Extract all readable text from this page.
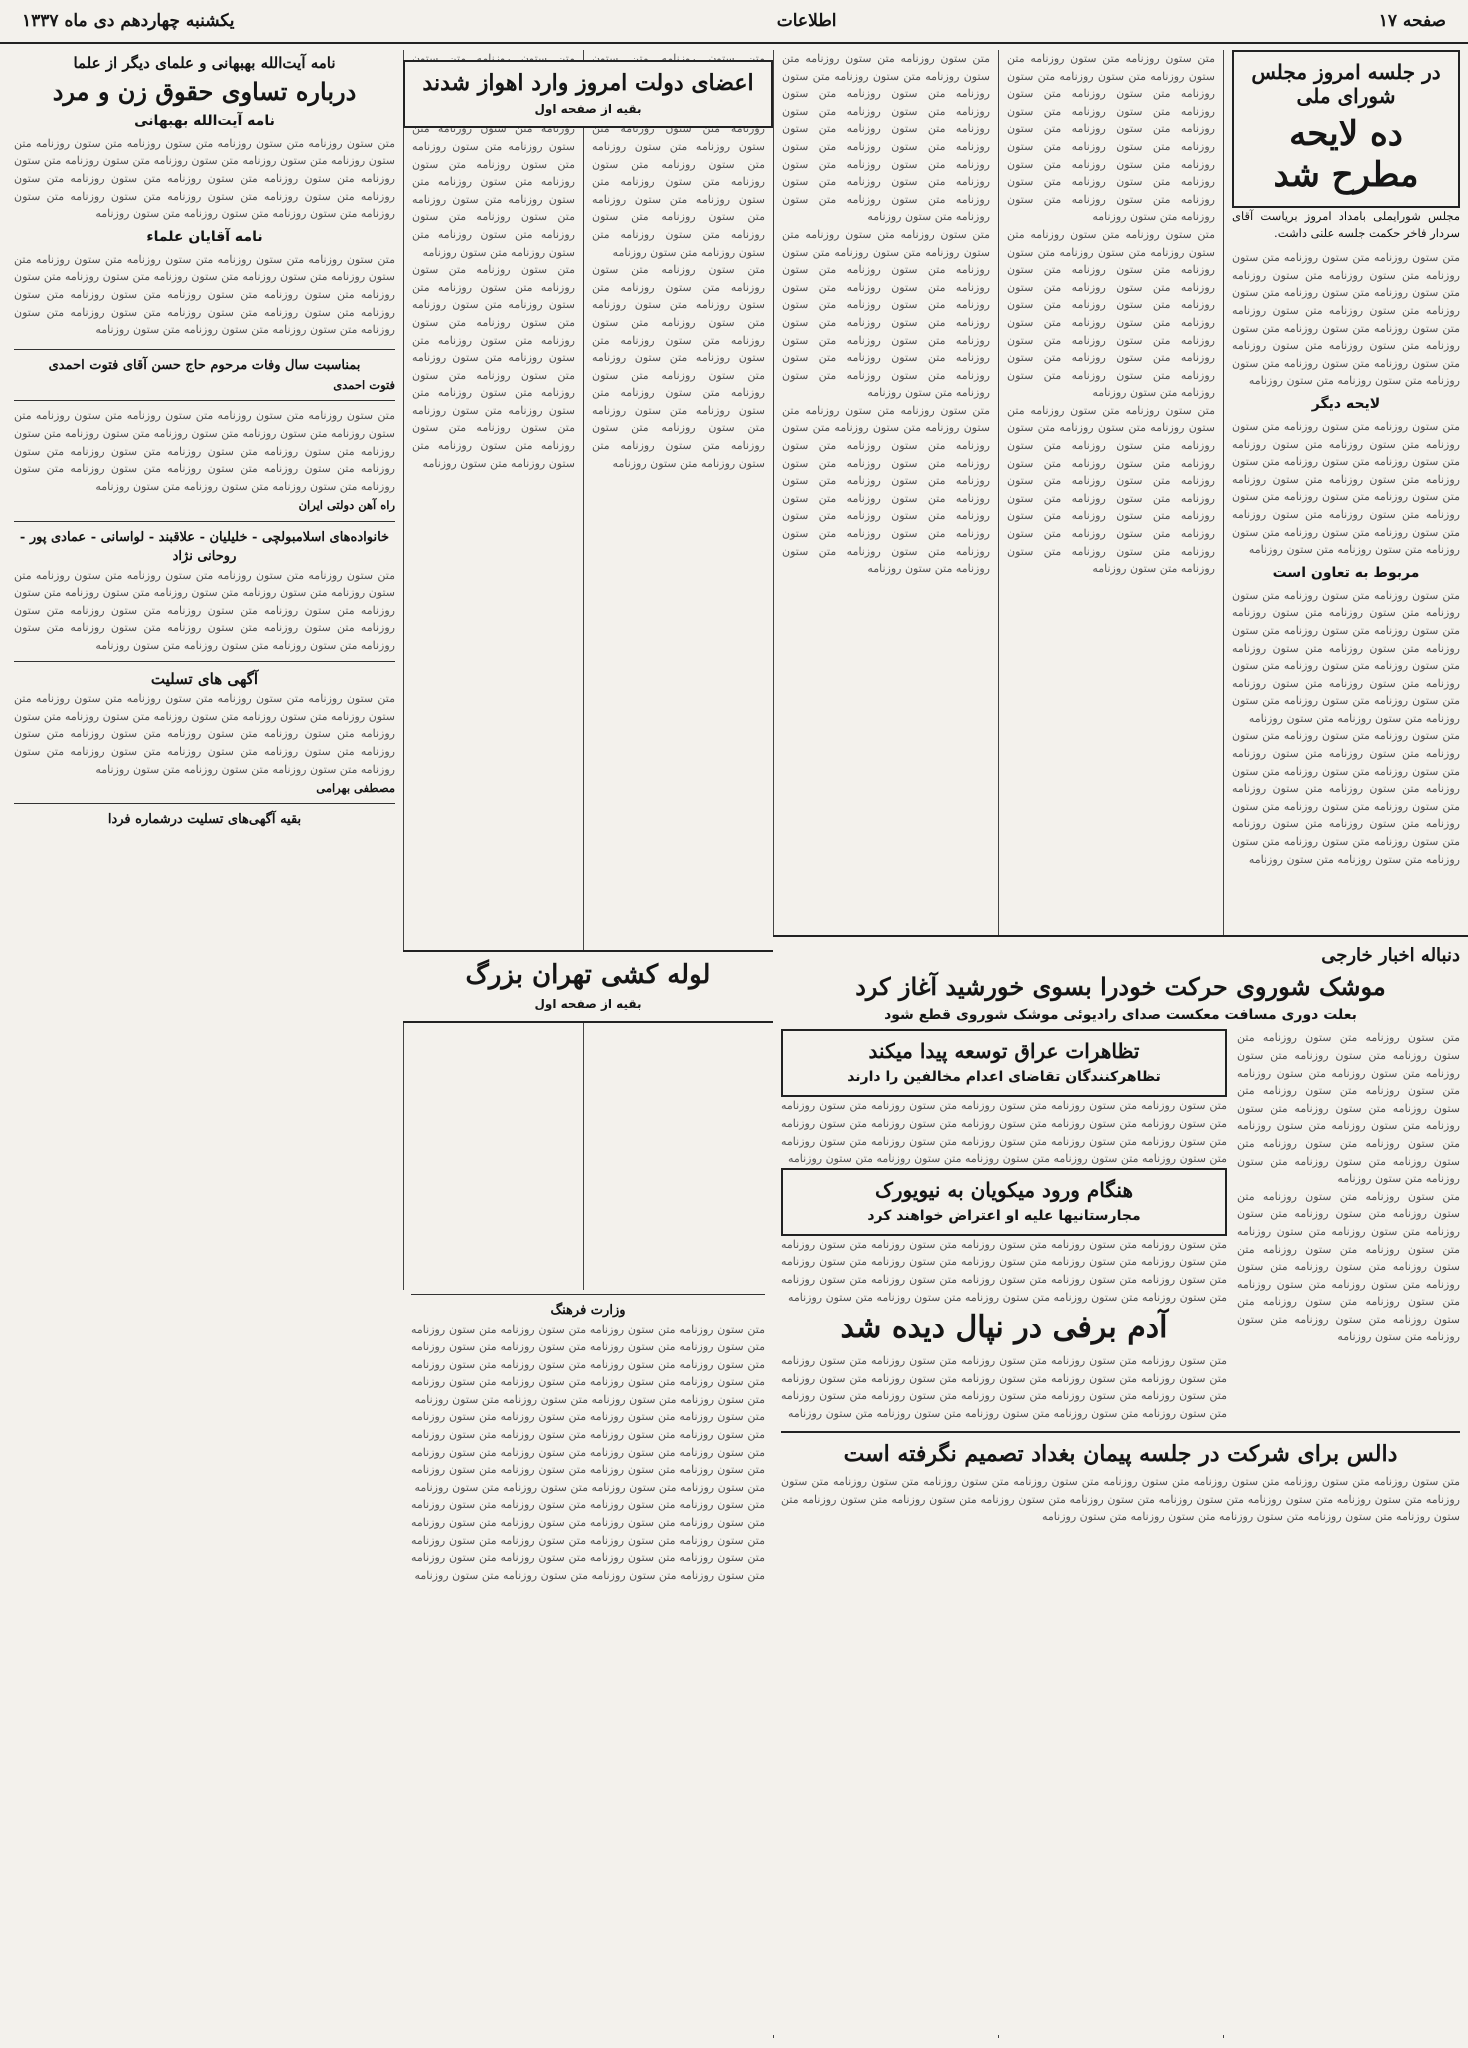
صفحه ۱۷
اطلاعات
یکشنبه چهاردهم دی ماه ۱۳۳۷
در جلسه امروز مجلس شورای ملی
ده لایحه مطرح شد

مجلس شورایملی بامداد امروز بریاست آقای سردار فاخر حکمت جلسه علنی داشت.

متن ستون روزنامه متن ستون روزنامه متن ستون روزنامه متن ستون روزنامه متن ستون روزنامه متن ستون روزنامه متن ستون روزنامه متن ستون روزنامه متن ستون روزنامه متن ستون روزنامه متن ستون روزنامه متن ستون روزنامه متن ستون روزنامه متن ستون روزنامه متن ستون روزنامه متن ستون روزنامه متن ستون روزنامه متن ستون روزنامه متن ستون روزنامه متن ستون روزنامه
لایحه دیگر
متن ستون روزنامه متن ستون روزنامه متن ستون روزنامه متن ستون روزنامه متن ستون روزنامه متن ستون روزنامه متن ستون روزنامه متن ستون روزنامه متن ستون روزنامه متن ستون روزنامه متن ستون روزنامه متن ستون روزنامه متن ستون روزنامه متن ستون روزنامه متن ستون روزنامه متن ستون روزنامه متن ستون روزنامه متن ستون روزنامه متن ستون روزنامه متن ستون روزنامه
مربوط به تعاون است
متن ستون روزنامه متن ستون روزنامه متن ستون روزنامه متن ستون روزنامه متن ستون روزنامه متن ستون روزنامه متن ستون روزنامه متن ستون روزنامه متن ستون روزنامه متن ستون روزنامه متن ستون روزنامه متن ستون روزنامه متن ستون روزنامه متن ستون روزنامه متن ستون روزنامه متن ستون روزنامه متن ستون روزنامه متن ستون روزنامه متن ستون روزنامه متن ستون روزنامه
متن ستون روزنامه متن ستون روزنامه متن ستون روزنامه متن ستون روزنامه متن ستون روزنامه متن ستون روزنامه متن ستون روزنامه متن ستون روزنامه متن ستون روزنامه متن ستون روزنامه متن ستون روزنامه متن ستون روزنامه متن ستون روزنامه متن ستون روزنامه متن ستون روزنامه متن ستون روزنامه متن ستون روزنامه متن ستون روزنامه متن ستون روزنامه متن ستون روزنامه
متن ستون روزنامه متن ستون روزنامه متن ستون روزنامه متن ستون روزنامه متن ستون روزنامه متن ستون روزنامه متن ستون روزنامه متن ستون روزنامه متن ستون روزنامه متن ستون روزنامه متن ستون روزنامه متن ستون روزنامه متن ستون روزنامه متن ستون روزنامه متن ستون روزنامه متن ستون روزنامه متن ستون روزنامه متن ستون روزنامه متن ستون روزنامه متن ستون روزنامه
متن ستون روزنامه متن ستون روزنامه متن ستون روزنامه متن ستون روزنامه متن ستون روزنامه متن ستون روزنامه متن ستون روزنامه متن ستون روزنامه متن ستون روزنامه متن ستون روزنامه متن ستون روزنامه متن ستون روزنامه متن ستون روزنامه متن ستون روزنامه متن ستون روزنامه متن ستون روزنامه متن ستون روزنامه متن ستون روزنامه متن ستون روزنامه متن ستون روزنامه
متن ستون روزنامه متن ستون روزنامه متن ستون روزنامه متن ستون روزنامه متن ستون روزنامه متن ستون روزنامه متن ستون روزنامه متن ستون روزنامه متن ستون روزنامه متن ستون روزنامه متن ستون روزنامه متن ستون روزنامه متن ستون روزنامه متن ستون روزنامه متن ستون روزنامه متن ستون روزنامه متن ستون روزنامه متن ستون روزنامه متن ستون روزنامه متن ستون روزنامه
متن ستون روزنامه متن ستون روزنامه متن ستون روزنامه متن ستون روزنامه متن ستون روزنامه متن ستون روزنامه متن ستون روزنامه متن ستون روزنامه متن ستون روزنامه متن ستون روزنامه متن ستون روزنامه متن ستون روزنامه متن ستون روزنامه متن ستون روزنامه متن ستون روزنامه متن ستون روزنامه متن ستون روزنامه متن ستون روزنامه متن ستون روزنامه متن ستون روزنامه
متن ستون روزنامه متن ستون روزنامه متن ستون روزنامه متن ستون روزنامه متن ستون روزنامه متن ستون روزنامه متن ستون روزنامه متن ستون روزنامه متن ستون روزنامه متن ستون روزنامه متن ستون روزنامه متن ستون روزنامه متن ستون روزنامه متن ستون روزنامه متن ستون روزنامه متن ستون روزنامه متن ستون روزنامه متن ستون روزنامه متن ستون روزنامه متن ستون روزنامه
متن ستون روزنامه متن ستون روزنامه متن ستون روزنامه متن ستون روزنامه متن ستون روزنامه متن ستون روزنامه متن ستون روزنامه متن ستون روزنامه متن ستون روزنامه متن ستون روزنامه متن ستون روزنامه متن ستون روزنامه متن ستون روزنامه متن ستون روزنامه متن ستون روزنامه متن ستون روزنامه متن ستون روزنامه متن ستون روزنامه متن ستون روزنامه متن ستون روزنامه
دنباله اخبار خارجی
موشک شوروی حرکت خودرا بسوی خورشید آغاز کرد
بعلت دوری مسافت معکست صدای رادیوئی موشک شوروی قطع شود
متن ستون روزنامه متن ستون روزنامه متن ستون روزنامه متن ستون روزنامه متن ستون روزنامه متن ستون روزنامه متن ستون روزنامه متن ستون روزنامه متن ستون روزنامه متن ستون روزنامه متن ستون روزنامه متن ستون روزنامه متن ستون روزنامه متن ستون روزنامه متن ستون روزنامه متن ستون روزنامه متن ستون روزنامه متن ستون روزنامه متن ستون روزنامه متن ستون روزنامه
متن ستون روزنامه متن ستون روزنامه متن ستون روزنامه متن ستون روزنامه متن ستون روزنامه متن ستون روزنامه متن ستون روزنامه متن ستون روزنامه متن ستون روزنامه متن ستون روزنامه متن ستون روزنامه متن ستون روزنامه متن ستون روزنامه متن ستون روزنامه متن ستون روزنامه متن ستون روزنامه متن ستون روزنامه متن ستون روزنامه متن ستون روزنامه متن ستون روزنامه
تظاهرات عراق توسعه پیدا میکند
تظاهرکنندگان تقاضای اعدام مخالفین را دارند
متن ستون روزنامه متن ستون روزنامه متن ستون روزنامه متن ستون روزنامه متن ستون روزنامه متن ستون روزنامه متن ستون روزنامه متن ستون روزنامه متن ستون روزنامه متن ستون روزنامه متن ستون روزنامه متن ستون روزنامه متن ستون روزنامه متن ستون روزنامه متن ستون روزنامه متن ستون روزنامه متن ستون روزنامه متن ستون روزنامه متن ستون روزنامه متن ستون روزنامه
هنگام ورود میکویان به نیویورک
مجارستانیها علیه او اعتراض خواهند کرد
متن ستون روزنامه متن ستون روزنامه متن ستون روزنامه متن ستون روزنامه متن ستون روزنامه متن ستون روزنامه متن ستون روزنامه متن ستون روزنامه متن ستون روزنامه متن ستون روزنامه متن ستون روزنامه متن ستون روزنامه متن ستون روزنامه متن ستون روزنامه متن ستون روزنامه متن ستون روزنامه متن ستون روزنامه متن ستون روزنامه متن ستون روزنامه متن ستون روزنامه
آدم برفی در نپال دیده شد
متن ستون روزنامه متن ستون روزنامه متن ستون روزنامه متن ستون روزنامه متن ستون روزنامه متن ستون روزنامه متن ستون روزنامه متن ستون روزنامه متن ستون روزنامه متن ستون روزنامه متن ستون روزنامه متن ستون روزنامه متن ستون روزنامه متن ستون روزنامه متن ستون روزنامه متن ستون روزنامه متن ستون روزنامه متن ستون روزنامه متن ستون روزنامه متن ستون روزنامه
دالس برای شرکت در جلسه پیمان بغداد تصمیم نگرفته است
متن ستون روزنامه متن ستون روزنامه متن ستون روزنامه متن ستون روزنامه متن ستون روزنامه متن ستون روزنامه متن ستون روزنامه متن ستون روزنامه متن ستون روزنامه متن ستون روزنامه متن ستون روزنامه متن ستون روزنامه متن ستون روزنامه متن ستون روزنامه متن ستون روزنامه متن ستون روزنامه متن ستون روزنامه متن ستون روزنامه متن ستون روزنامه متن ستون روزنامه
متن ستون روزنامه متن ستون روزنامه متن ستون روزنامه متن ستون روزنامه متن ستون روزنامه متن ستون روزنامه متن ستون روزنامه متن ستون روزنامه متن ستون روزنامه متن ستون روزنامه متن ستون روزنامه متن ستون روزنامه متن ستون روزنامه متن ستون روزنامه متن ستون روزنامه متن ستون روزنامه متن ستون روزنامه متن ستون روزنامه متن ستون روزنامه متن ستون روزنامه
متن ستون روزنامه متن ستون روزنامه متن ستون روزنامه متن ستون روزنامه متن ستون روزنامه متن ستون روزنامه متن ستون روزنامه متن ستون روزنامه متن ستون روزنامه متن ستون روزنامه متن ستون روزنامه متن ستون روزنامه متن ستون روزنامه متن ستون روزنامه متن ستون روزنامه متن ستون روزنامه متن ستون روزنامه متن ستون روزنامه متن ستون روزنامه متن ستون روزنامه
متن ستون روزنامه متن ستون روزنامه متن ستون روزنامه متن ستون روزنامه متن ستون روزنامه متن ستون روزنامه متن ستون روزنامه متن ستون روزنامه متن ستون روزنامه متن ستون روزنامه متن ستون روزنامه متن ستون روزنامه متن ستون روزنامه متن ستون روزنامه متن ستون روزنامه متن ستون روزنامه متن ستون روزنامه متن ستون روزنامه متن ستون روزنامه متن ستون روزنامه
متن ستون روزنامه متن ستون روزنامه متن ستون روزنامه متن ستون روزنامه متن ستون روزنامه متن ستون روزنامه متن ستون روزنامه متن ستون روزنامه متن ستون روزنامه متن ستون روزنامه متن ستون روزنامه متن ستون روزنامه متن ستون روزنامه متن ستون روزنامه متن ستون روزنامه متن ستون روزنامه متن ستون روزنامه متن ستون روزنامه متن ستون روزنامه متن ستون روزنامه
اعضای دولت امروز وارد اهواز شدند
بقیه از صفحه اول
لوله کشی تهران بزرگ
بقیه از صفحه اول
وزارت فرهنگ
متن ستون روزنامه متن ستون روزنامه متن ستون روزنامه متن ستون روزنامه متن ستون روزنامه متن ستون روزنامه متن ستون روزنامه متن ستون روزنامه متن ستون روزنامه متن ستون روزنامه متن ستون روزنامه متن ستون روزنامه متن ستون روزنامه متن ستون روزنامه متن ستون روزنامه متن ستون روزنامه متن ستون روزنامه متن ستون روزنامه متن ستون روزنامه متن ستون روزنامه
متن ستون روزنامه متن ستون روزنامه متن ستون روزنامه متن ستون روزنامه متن ستون روزنامه متن ستون روزنامه متن ستون روزنامه متن ستون روزنامه متن ستون روزنامه متن ستون روزنامه متن ستون روزنامه متن ستون روزنامه متن ستون روزنامه متن ستون روزنامه متن ستون روزنامه متن ستون روزنامه متن ستون روزنامه متن ستون روزنامه متن ستون روزنامه متن ستون روزنامه
متن ستون روزنامه متن ستون روزنامه متن ستون روزنامه متن ستون روزنامه متن ستون روزنامه متن ستون روزنامه متن ستون روزنامه متن ستون روزنامه متن ستون روزنامه متن ستون روزنامه متن ستون روزنامه متن ستون روزنامه متن ستون روزنامه متن ستون روزنامه متن ستون روزنامه متن ستون روزنامه متن ستون روزنامه متن ستون روزنامه متن ستون روزنامه متن ستون روزنامه
نامه آیت‌الله بهبهانی و علمای دیگر از علما
درباره تساوی حقوق زن و مرد
نامه آیت‌الله بهبهانی
متن ستون روزنامه متن ستون روزنامه متن ستون روزنامه متن ستون روزنامه متن ستون روزنامه متن ستون روزنامه متن ستون روزنامه متن ستون روزنامه متن ستون روزنامه متن ستون روزنامه متن ستون روزنامه متن ستون روزنامه متن ستون روزنامه متن ستون روزنامه متن ستون روزنامه متن ستون روزنامه متن ستون روزنامه متن ستون روزنامه متن ستون روزنامه متن ستون روزنامه
نامه آقایان علماء
متن ستون روزنامه متن ستون روزنامه متن ستون روزنامه متن ستون روزنامه متن ستون روزنامه متن ستون روزنامه متن ستون روزنامه متن ستون روزنامه متن ستون روزنامه متن ستون روزنامه متن ستون روزنامه متن ستون روزنامه متن ستون روزنامه متن ستون روزنامه متن ستون روزنامه متن ستون روزنامه متن ستون روزنامه متن ستون روزنامه متن ستون روزنامه متن ستون روزنامه
بمناسبت سال وفات مرحوم حاج حسن آقای فتوت احمدی
فتوت احمدی
متن ستون روزنامه متن ستون روزنامه متن ستون روزنامه متن ستون روزنامه متن ستون روزنامه متن ستون روزنامه متن ستون روزنامه متن ستون روزنامه متن ستون روزنامه متن ستون روزنامه متن ستون روزنامه متن ستون روزنامه متن ستون روزنامه متن ستون روزنامه متن ستون روزنامه متن ستون روزنامه متن ستون روزنامه متن ستون روزنامه متن ستون روزنامه متن ستون روزنامه
راه آهن دولتی ایران
خانواده‌های اسلامبولچی - خلیلیان - علاقبند - لواسانی - عمادی پور - روحانی نژاد
متن ستون روزنامه متن ستون روزنامه متن ستون روزنامه متن ستون روزنامه متن ستون روزنامه متن ستون روزنامه متن ستون روزنامه متن ستون روزنامه متن ستون روزنامه متن ستون روزنامه متن ستون روزنامه متن ستون روزنامه متن ستون روزنامه متن ستون روزنامه متن ستون روزنامه متن ستون روزنامه متن ستون روزنامه متن ستون روزنامه متن ستون روزنامه متن ستون روزنامه
آگهی های تسلیت
متن ستون روزنامه متن ستون روزنامه متن ستون روزنامه متن ستون روزنامه متن ستون روزنامه متن ستون روزنامه متن ستون روزنامه متن ستون روزنامه متن ستون روزنامه متن ستون روزنامه متن ستون روزنامه متن ستون روزنامه متن ستون روزنامه متن ستون روزنامه متن ستون روزنامه متن ستون روزنامه متن ستون روزنامه متن ستون روزنامه متن ستون روزنامه متن ستون روزنامه
مصطفی بهرامی
بقیه آگهی‌های تسلیت درشماره فردا
